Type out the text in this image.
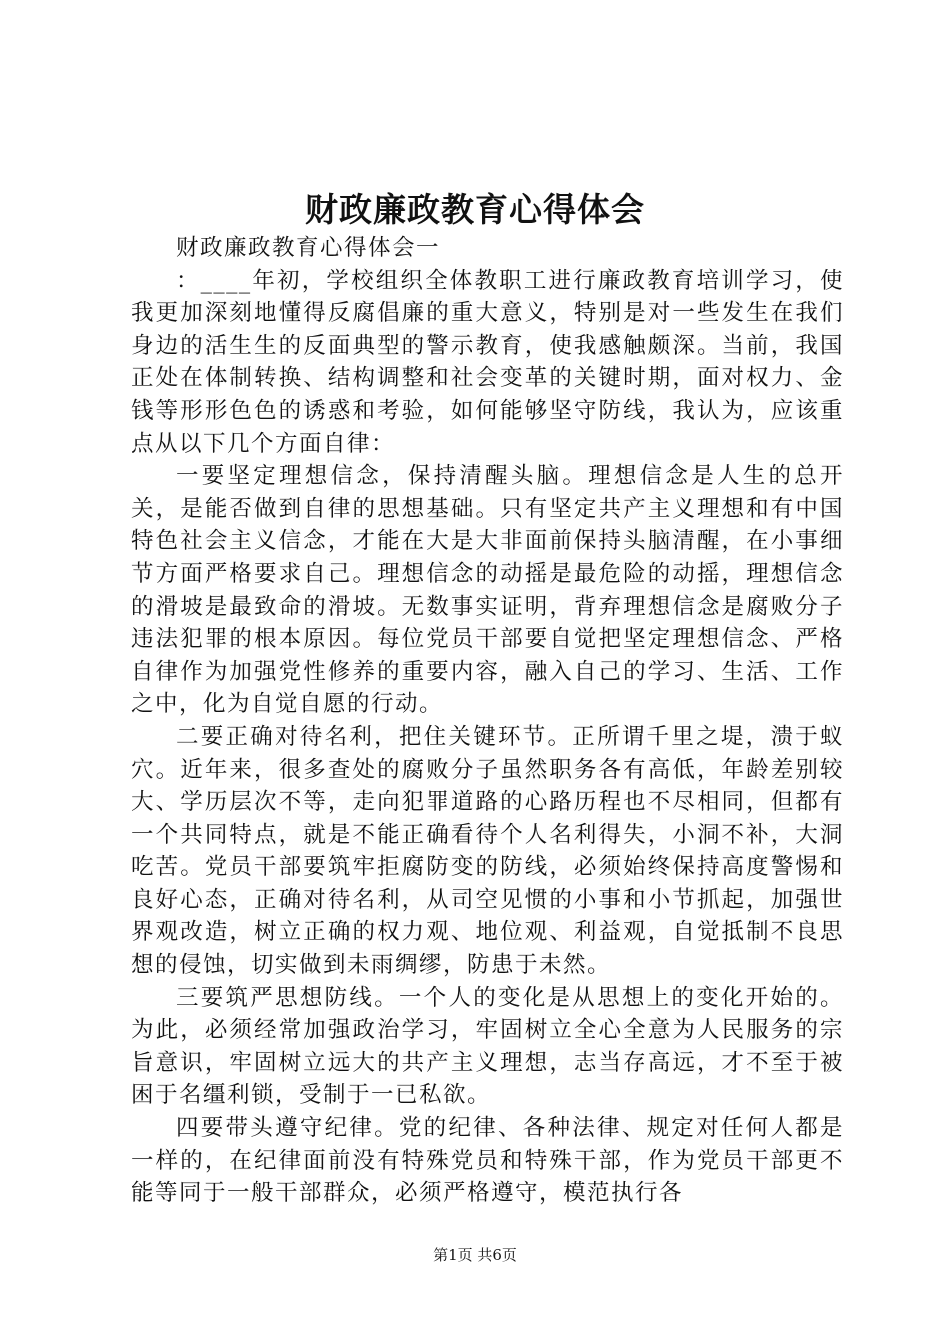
财政廉政教育心得体会

财政廉政教育心得体会一

：____年初，学校组织全体教职工进行廉政教育培训学习，使我更加深刻地懂得反腐倡廉的重大意义，特别是对一些发生在我们身边的活生生的反面典型的警示教育，使我感触颇深。当前，我国正处在体制转换、结构调整和社会变革的关键时期，面对权力、金钱等形形色色的诱惑和考验，如何能够坚守防线，我认为，应该重点从以下几个方面自律：

一要坚定理想信念，保持清醒头脑。理想信念是人生的总开关，是能否做到自律的思想基础。只有坚定共产主义理想和有中国特色社会主义信念，才能在大是大非面前保持头脑清醒，在小事细节方面严格要求自己。理想信念的动摇是最危险的动摇，理想信念的滑坡是最致命的滑坡。无数事实证明，背弃理想信念是腐败分子违法犯罪的根本原因。每位党员干部要自觉把坚定理想信念、严格自律作为加强党性修养的重要内容，融入自己的学习、生活、工作之中，化为自觉自愿的行动。

二要正确对待名利，把住关键环节。正所谓千里之堤，溃于蚁穴。近年来，很多查处的腐败分子虽然职务各有高低，年龄差别较大、学历层次不等，走向犯罪道路的心路历程也不尽相同，但都有一个共同特点，就是不能正确看待个人名利得失，小洞不补，大洞吃苦。党员干部要筑牢拒腐防变的防线，必须始终保持高度警惕和良好心态，正确对待名利，从司空见惯的小事和小节抓起，加强世界观改造，树立正确的权力观、地位观、利益观，自觉抵制不良思想的侵蚀，切实做到未雨绸缪，防患于未然。

三要筑严思想防线。一个人的变化是从思想上的变化开始的。为此，必须经常加强政治学习，牢固树立全心全意为人民服务的宗旨意识，牢固树立远大的共产主义理想，志当存高远，才不至于被困于名缰利锁，受制于一已私欲。

四要带头遵守纪律。党的纪律、各种法律、规定对任何人都是一样的，在纪律面前没有特殊党员和特殊干部，作为党员干部更不能等同于一般干部群众，必须严格遵守，模范执行各

第1页 共6页
